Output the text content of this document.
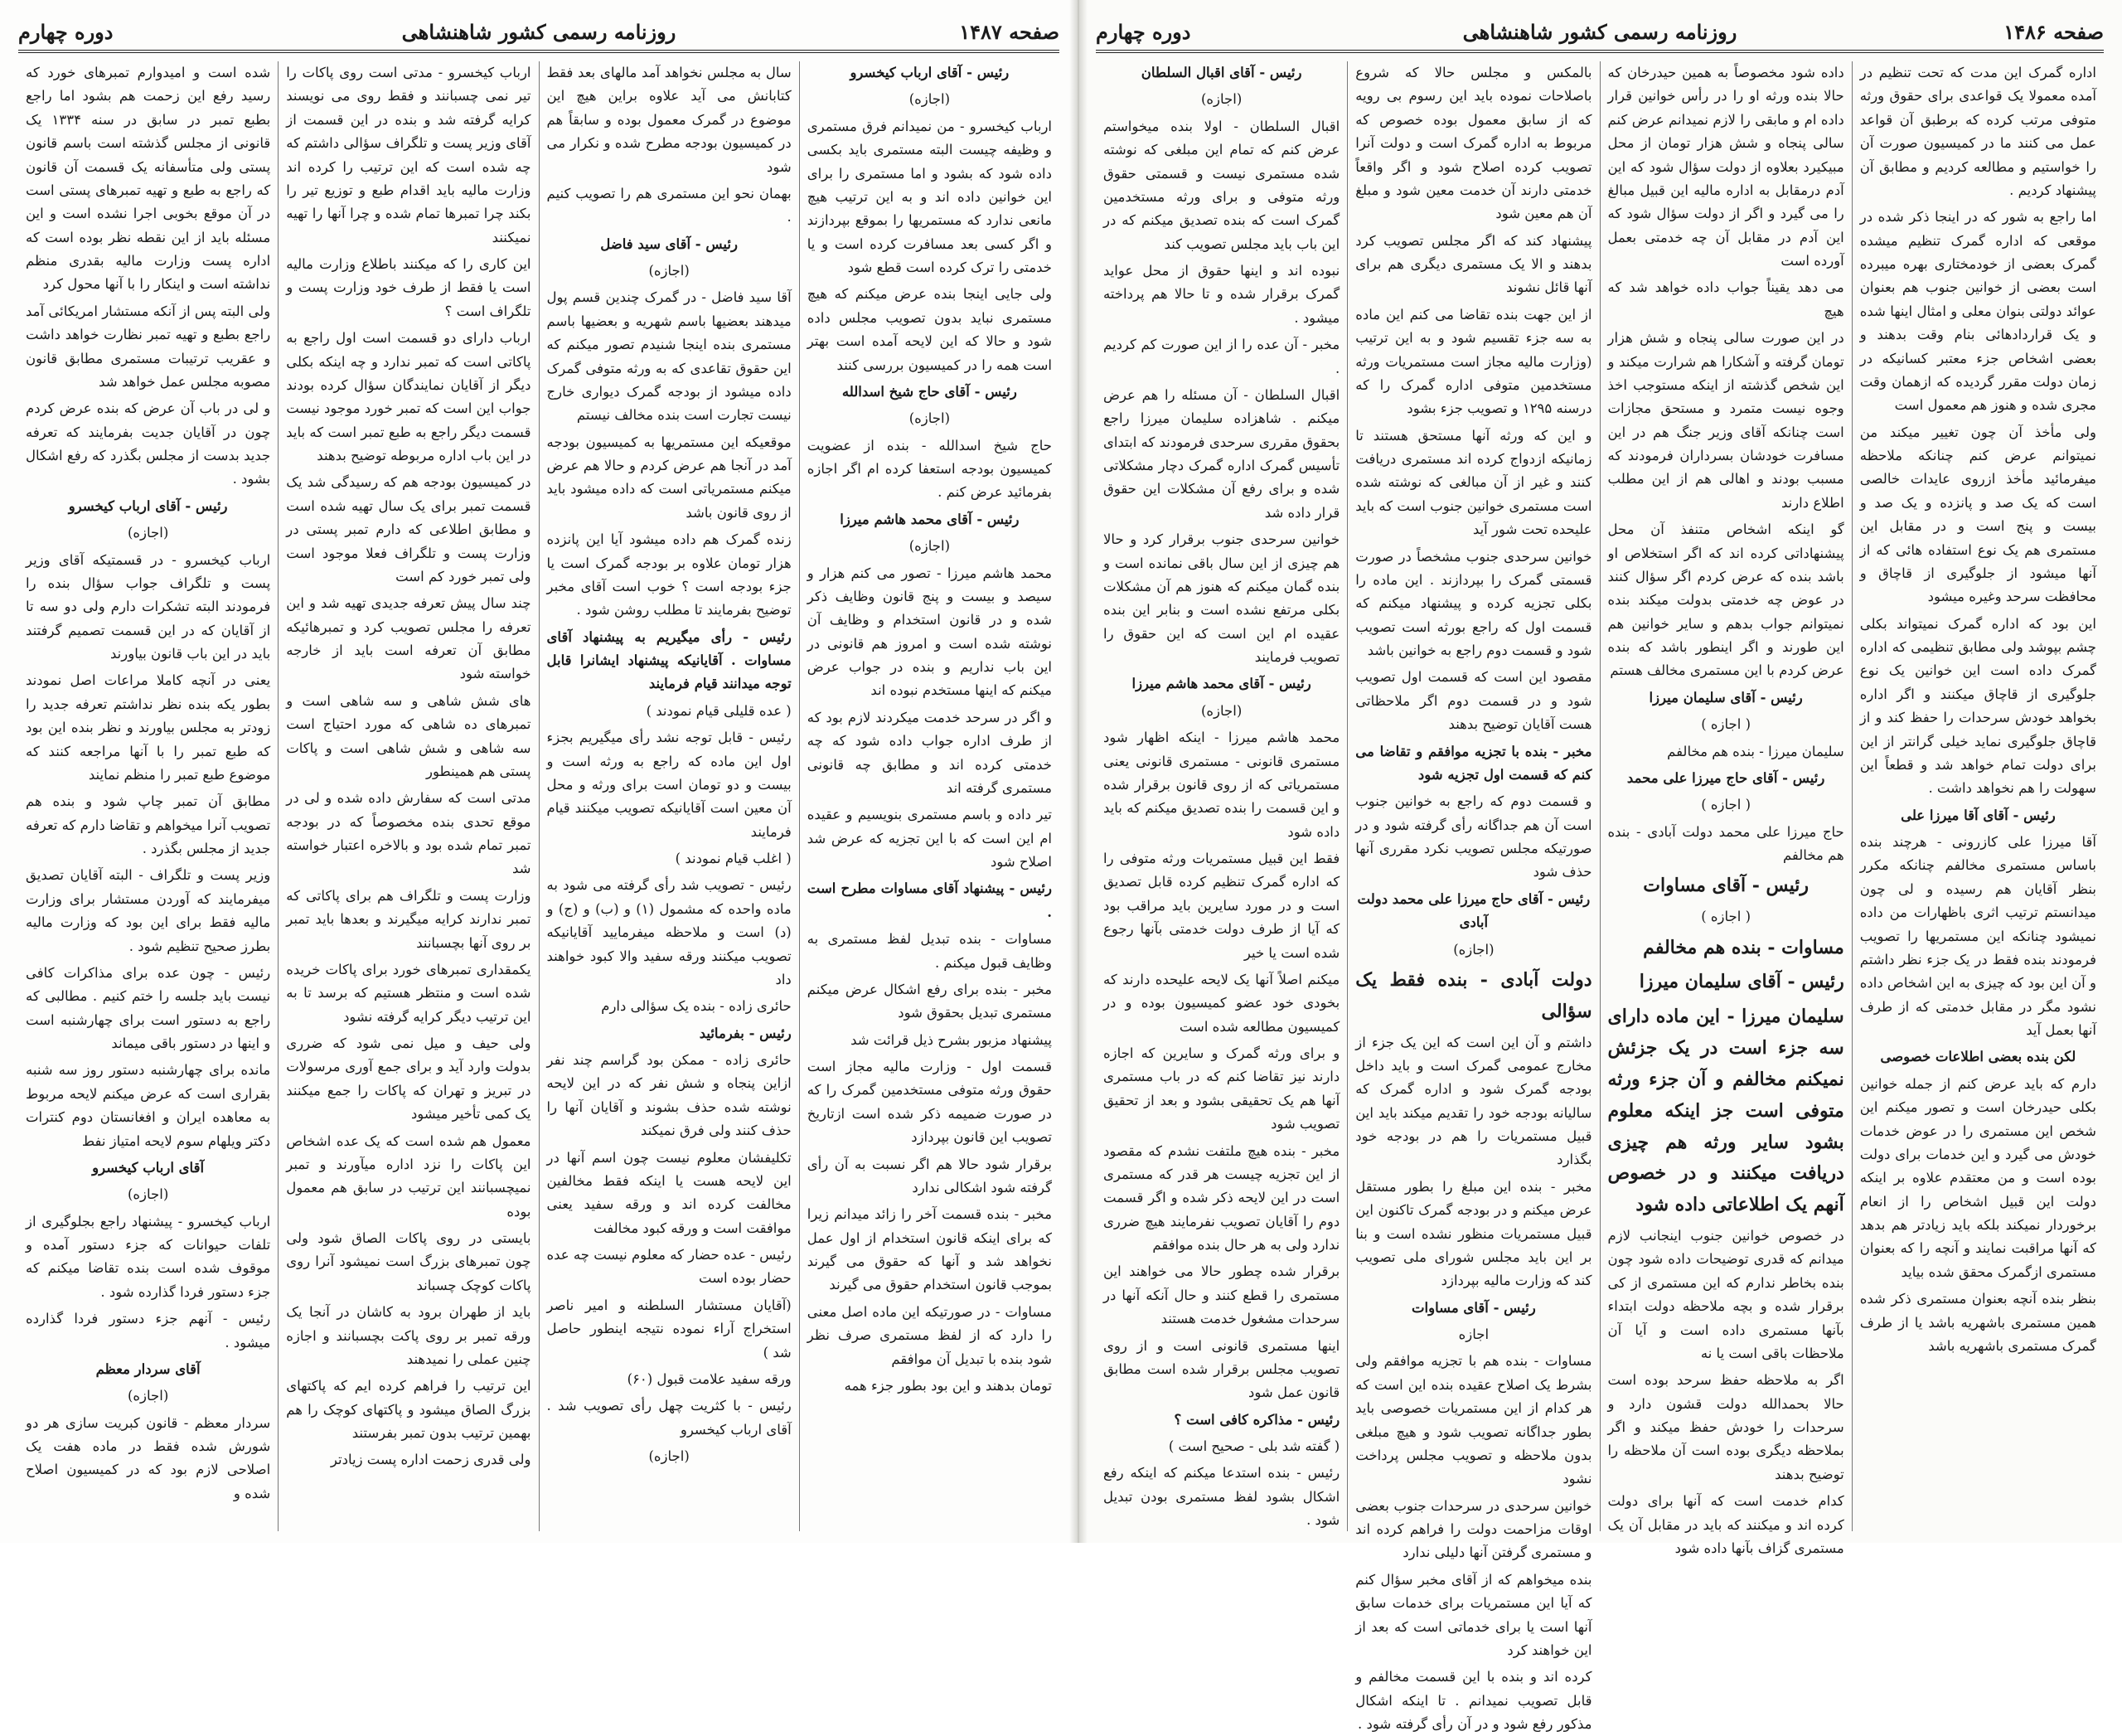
صفحه ۱۴۸۶
روزنامه رسمی کشور شاهنشاهی
دوره چهارم

اداره گمرک این مدت که تحت تنظیم در آمده معمولا یک قواعدی برای حقوق ورثه متوفی مرتب کرده که برطبق آن قواعد عمل می کنند ما در کمیسیون صورت آن را خواستیم و مطالعه کردیم و مطابق آن پیشنهاد کردیم .

اما راجع به شور که در اینجا ذکر شده در موقعی که اداره گمرک تنظیم میشده گمرک بعضی از خودمختاری بهره میبرده است بعضی از خوانین جنوب هم بعنوان عوائد دولتی بنوان معلی و امثال اینها شده و یک قراردادهائی بنام وقت بدهند و بعضی اشخاص جزء معتبر کسانیکه در زمان دولت مقرر گردیده که ازهمان وقت مجری شده و هنوز هم معمول است

ولی مأخذ آن چون تغییر میکند من نمیتوانم عرض کنم چنانکه ملاحظه میفرمائید مأخذ ازروی عایدات خالصی است که یک صد و پانزده و یک صد و بیست و پنج است و در مقابل این مستمری هم یک نوع استفاده هائی که از آنها میشود از جلوگیری از قاچاق و محافظت سرحد وغیره میشود

این بود که اداره گمرک نمیتواند بکلی چشم بپوشد ولی مطابق تنظیمی که اداره گمرک داده است این خوانین یک نوع جلوگیری از قاچاق میکنند و اگر اداره بخواهد خودش سرحدات را حفظ کند و از قاچاق جلوگیری نماید خیلی گرانتر از این برای دولت تمام خواهد شد و قطعاً این سهولت را هم نخواهد داشت .

رئیس - آقای آقا میرزا علی

آقا میرزا علی کازرونی - هرچند بنده باساس مستمری مخالفم چنانکه مکرر بنظر آقایان هم رسیده و لی چون میدانستم ترتیب اثری باظهارات من داده نمیشود چنانکه این مستمریها را تصویب فرمودند بنده فقط در یک جزء نظر داشتم و آن این بود که چیزی به این اشخاص داده نشود مگر در مقابل خدمتی که از طرف آنها بعمل آید

لکن بنده بعضی اطلاعات خصوصی

دارم که باید عرض کنم از جمله خوانین بکلی حیدرخان است و تصور میکنم این شخص این مستمری را در عوض خدمات خودش می گیرد و این خدمات برای دولت بوده است و من معتقدم علاوه بر اینکه دولت این قبیل اشخاص را از انعام برخوردار نمیکند بلکه باید زیادتر هم بدهد که آنها مراقبت نمایند و آنچه را که بعنوان مستمری ازگمرک محقق شده بیاید

بنظر بنده آنچه بعنوان مستمری ذکر شده همین مستمری باشهریه باشد یا از طرف گمرک مستمری باشهریه باشد

داده شود مخصوصاً به همین حیدرخان که حالا بنده ورثه او را در رأس خوانین قرار داده ام و مابقی را لازم نمیدانم عرض کنم سالی پنجاه و شش هزار تومان از محل مبیکیرد بعلاوه از دولت سؤال شود که این آدم درمقابل به اداره مالیه این قبیل مبالغ را می گیرد و اگر از دولت سؤال شود که این آدم در مقابل آن چه خدمتی بعمل آورده است

می دهد یقیناً جواب داده خواهد شد که هیچ

در این صورت سالی پنجاه و شش هزار تومان گرفته و آشکارا هم شرارت میکند و این شخص گذشته از اینکه مستوجب اخذ وجوه نیست متمرد و مستحق مجازات است چنانکه آقای وزیر جنگ هم در این مسافرت خودشان بسرداران فرمودند که مسبب بودند و اهالی هم از این مطلب اطلاع دارند

گو اینکه اشخاص متنفذ آن محل پیشنهاداتی کرده اند که اگر استخلاص او باشد بنده که عرض کردم اگر سؤال کنند در عوض چه خدمتی بدولت میکند بنده نمیتوانم جواب بدهم و سایر خوانین هم این طورند و اگر اینطور باشد که بنده عرض کردم با این مستمری مخالف هستم

رئیس - آقای سلیمان میرزا

( اجازه )

سلیمان میرزا - بنده هم مخالفم

رئیس - آقای حاج میرزا علی محمد

( اجازه )

حاج میرزا علی محمد دولت آبادی - بنده هم مخالفم

رئیس - آقای مساوات

( اجازه )

مساوات - بنده هم مخالفم

رئیس - آقای سلیمان میرزا

سلیمان میرزا - این ماده دارای سه جزء است در یک جزئش نمیکنم مخالفم و آن جزء ورثه متوفی است جز اینکه معلوم بشود سایر ورثه هم چیزی دریافت میکنند و در خصوص آنهم یک اطلاعاتی داده شود

در خصوص خوانین جنوب اینجانب لازم میدانم که قدری توضیحات داده شود چون بنده بخاطر ندارم که این مستمری از کی برقرار شده و بچه ملاحظه دولت ابتداء بآنها مستمری داده است و آیا آن ملاحظات باقی است یا نه

اگر به ملاحظه حفظ سرحد بوده است حالا بحمدالله دولت قشون دارد و سرحدات را خودش حفظ میکند و اگر بملاحظه دیگری بوده است آن ملاحظه را توضیح بدهند

کدام خدمت است که آنها برای دولت کرده اند و میکنند که باید در مقابل آن یک مستمری گزاف بآنها داده شود

بالمکس و مجلس حالا که شروع باصلاحات نموده باید این رسوم بی رویه که از سابق معمول بوده خصوص که مربوط به اداره گمرک است و دولت آنرا تصویب کرده اصلاح شود و اگر واقعاً خدمتی دارند آن خدمت معین شود و مبلغ آن هم معین شود

پیشنهاد کند که اگر مجلس تصویب کرد بدهند و الا یک مستمری دیگری هم برای آنها قائل نشوند

از این جهت بنده تقاضا می کنم این ماده به سه جزء تقسیم شود و به این ترتیب (وزارت مالیه مجاز است مستمریات ورثه مستخدمین متوفی اداره گمرک را که درسنه ۱۲۹۵ و تصویب جزء بشود

و این که ورثه آنها مستحق هستند تا زمانیکه ازدواج کرده اند مستمری دریافت کنند و غیر از آن مبالغی که نوشته شده است مستمری خوانین جنوب است که باید علیحده تحت شور آید

خوانین سرحدی جنوب مشخصاً در صورت قسمتی گمرک را بپردازند . این ماده را بکلی تجزیه کرده و پیشنهاد میکنم که قسمت اول که راجع بورثه است تصویب شود و قسمت دوم راجع به خوانین باشد

مقصود این است که قسمت اول تصویب شود و در قسمت دوم اگر ملاحظاتی هست آقایان توضیح بدهند

مخبر - بنده با تجزیه موافقم و تقاضا می کنم که قسمت اول تجزیه شود

و قسمت دوم که راجع به خوانین جنوب است آن هم جداگانه رأی گرفته شود و در صورتیکه مجلس تصویب نکرد مقرری آنها حذف شود

رئیس - آقای حاج میرزا علی محمد دولت آبادی

(اجازه)

دولت آبادی - بنده فقط یک سؤالی

داشتم و آن این است که این یک جزء از مخارج عمومی گمرک است و باید داخل بودجه گمرک شود و اداره گمرک که سالیانه بودجه خود را تقدیم میکند باید این قبیل مستمریات را هم در بودجه خود بگذارد

مخبر - بنده این مبلغ را بطور مستقل عرض میکنم و در بودجه گمرک تاکنون این قبیل مستمریات منظور نشده است و بنا بر این باید مجلس شورای ملی تصویب کند که وزارت مالیه بپردازد

رئیس - آقای مساوات

اجازه

مساوات - بنده هم با تجزیه موافقم ولی بشرط یک اصلاح عقیده بنده این است که هر کدام از این مستمریات خصوصی باید بطور جداگانه تصویب شود و هیچ مبلغی بدون ملاحظه و تصویب مجلس پرداخت نشود

خوانین سرحدی در سرحدات جنوب بعضی اوقات مزاحمت دولت را فراهم کرده اند و مستمری گرفتن آنها دلیلی ندارد

بنده میخواهم که از آقای مخبر سؤال کنم که آیا این مستمریات برای خدمات سابق آنها است یا برای خدماتی است که بعد از این خواهند کرد

کرده اند و بنده با این قسمت مخالفم و قابل تصویب نمیدانم . تا اینکه اشکال مذکور رفع شود و در آن رأی گرفته شود .

رئیس - آقای اقبال السلطان

(اجازه)

اقبال السلطان - اولا بنده میخواستم عرض کنم که تمام این مبلغی که نوشته شده مستمری نیست و قسمتی حقوق ورثه متوفی و برای ورثه مستخدمین گمرک است که بنده تصدیق میکنم که در این باب باید مجلس تصویب کند

نبوده اند و اینها حقوق از محل عواید گمرک برقرار شده و تا حالا هم پرداخته میشود .

مخبر - آن عده را از این صورت کم کردیم .

اقبال السلطان - آن مسئله را هم عرض میکنم . شاهزاده سلیمان میرزا راجع بحقوق مقرری سرحدی فرمودند که ابتدای تأسیس گمرک اداره گمرک دچار مشکلاتی شده و برای رفع آن مشکلات این حقوق قرار داده شد

خوانین سرحدی جنوب برقرار کرد و حالا هم چیزی از این سال باقی نمانده است و بنده گمان میکنم که هنوز هم آن مشکلات بکلی مرتفع نشده است و بنابر این بنده عقیده ام این است که این حقوق را تصویب فرمایند

رئیس - آقای محمد هاشم میرزا

(اجازه)

محمد هاشم میرزا - اینکه اظهار شود مستمری قانونی - مستمری قانونی یعنی مستمریاتی که از روی قانون برقرار شده و این قسمت را بنده تصدیق میکنم که باید داده شود

فقط این قبیل مستمریات ورثه متوفی را که اداره گمرک تنظیم کرده قابل تصدیق است و در مورد سایرین باید مراقب بود که آیا از طرف دولت خدمتی بآنها رجوع شده است یا خیر

میکنم اصلاً آنها یک لایحه علیحده دارند که بخودی خود عضو کمیسیون بوده و در کمیسیون مطالعه شده است

و برای ورثه گمرک و سایرین که اجازه دارند نیز تقاضا کنم که در باب مستمری آنها هم یک تحقیقی بشود و بعد از تحقیق تصویب شود

مخبر - بنده هیچ ملتفت نشدم که مقصود از این تجزیه چیست هر قدر که مستمری است در این لایحه ذکر شده و اگر قسمت دوم را آقایان تصویب نفرمایند هیچ ضرری ندارد ولی به هر حال بنده موافقم

برقرار شده چطور حالا می خواهند این مستمری را قطع کنند و حال آنکه آنها در سرحدات مشغول خدمت هستند

اینها مستمری قانونی است و از روی تصویب مجلس برقرار شده است مطابق قانون عمل شود

رئیس - مذاکره کافی است ؟

( گفته شد بلی - صحیح است )

رئیس - بنده استدعا میکنم که اینکه رفع اشکال بشود لفظ مستمری بودن تبدیل شود .

صفحه ۱۴۸۷
روزنامه رسمی کشور شاهنشاهی
دوره چهارم

رئیس - آقای ارباب کیخسرو

(اجازه)

ارباب کیخسرو - من نمیدانم فرق مستمری و وظیفه چیست البته مستمری باید بکسی داده شود که بشود و اما مستمری را برای این خوانین داده اند و به این ترتیب هیچ مانعی ندارد که مستمریها را بموقع بپردازند و اگر کسی بعد مسافرت کرده است و یا خدمتی را ترک کرده است قطع شود

ولی جایی اینجا بنده عرض میکنم که هیچ مستمری نباید بدون تصویب مجلس داده شود و حالا که این لایحه آمده است بهتر است همه را در کمیسیون بررسی کنند

رئیس - آقای حاج شیخ اسدالله

(اجازه)

حاج شیخ اسدالله - بنده از عضویت کمیسیون بودجه استعفا کرده ام اگر اجازه بفرمائید عرض کنم .

رئیس - آقای محمد هاشم میرزا

(اجازه)

محمد هاشم میرزا - تصور می کنم هزار و سیصد و بیست و پنج قانون وظایف ذکر شده و در قانون استخدام و وظایف آن نوشته شده است و امروز هم قانونی در این باب نداریم و بنده در جواب عرض میکنم که اینها مستخدم نبوده اند

و اگر در سرحد خدمت میکردند لازم بود که از طرف اداره جواب داده شود که چه خدمتی کرده اند و مطابق چه قانونی مستمری گرفته اند

تیر داده و باسم مستمری بنویسیم و عقیده ام این است که با این تجزیه که عرض شد اصلاح شود

رئیس - پیشنهاد آقای مساوات مطرح است .

مساوات - بنده تبدیل لفظ مستمری به وظایف قبول میکنم .

مخبر - بنده برای رفع اشکال عرض میکنم مستمری تبدیل بحقوق شود

پیشنهاد مزبور بشرح ذیل قرائت شد

قسمت اول - وزارت مالیه مجاز است حقوق ورثه متوفی مستخدمین گمرک را که در صورت ضمیمه ذکر شده است ازتاریخ تصویب این قانون بپردازد

برقرار شود حالا هم اگر نسبت به آن رأی گرفته شود اشکالی ندارد

مخبر - بنده قسمت آخر را زائد میدانم زیرا که برای اینکه قانون استخدام از اول عمل نخواهد شد و آنها که حقوق می گیرند بموجب قانون استخدام حقوق می گیرند

مساوات - در صورتیکه این ماده اصل معنی را دارد که از لفظ مستمری صرف نظر شود بنده با تبدیل آن موافقم

تومان بدهند و این بود بطور جزء همه

سال به مجلس نخواهد آمد مالهای بعد فقط کتابانش می آید علاوه براین هیچ این موضوع در گمرک معمول بوده و سابقاً هم در کمیسیون بودجه مطرح شده و نکرار می شود

بهمان نحو این مستمری هم را تصویب کنیم .

رئیس - آقای سید فاضل

(اجازه)

آقا سید فاضل - در گمرک چندین قسم پول میدهند بعضیها باسم شهریه و بعضیها باسم مستمری بنده اینجا شنیدم تصور میکنم که این حقوق تقاعدی که به ورثه متوفی گمرک داده میشود از بودجه گمرک دیواری خارج نیست تجارت است بنده مخالف نیستم

موقعیکه این مستمریها به کمیسیون بودجه آمد در آنجا هم عرض کردم و حالا هم عرض میکنم مستمریاتی است که داده میشود باید از روی قانون باشد

زنده گمرک هم داده میشود آیا این پانزده هزار تومان علاوه بر بودجه گمرک است یا جزء بودجه است ؟ خوب است آقای مخبر توضیح بفرمایند تا مطلب روشن شود .

رئیس - رأی میگیریم به پیشنهاد آقای مساوات . آقایانیکه پیشنهاد ایشانرا قابل توجه میدانند قیام فرمایند

( عده قلیلی قیام نمودند )

رئیس - قابل توجه نشد رأی میگیریم بجزء اول این ماده که راجع به ورثه است و بیست و دو تومان است برای ورثه و محل آن معین است آقایانیکه تصویب میکنند قیام فرمایند

( اغلب قیام نمودند )

رئیس - تصویب شد رأی گرفته می شود به ماده واحده که مشمول (۱) و (ب) و (ج) و (د) است و ملاحظه میفرمایید آقایانیکه تصویب میکنند ورقه سفید والا کبود خواهند داد

حائری زاده - بنده یک سؤالی دارم

رئیس - بفرمائید

حائری زاده - ممکن بود گراسم چند نفر ازاین پنجاه و شش نفر که در این لایحه نوشته شده حذف بشوند و آقایان آنها را حذف کنند ولی فرق نمیکند

تکلیفشان معلوم نیست چون اسم آنها در این لایحه هست یا اینکه فقط مخالفین مخالفت کرده اند و ورقه سفید یعنی موافقت است و ورقه کبود مخالفت

رئیس - عده حضار که معلوم نیست چه عده حضار بوده است

(آقایان مستشار السلطنه و امیر ناصر استخراج آراء نموده نتیجه اینطور حاصل شد )

ورقه سفید علامت قبول (۶۰)

رئیس - با کثریت چهل رأی تصویب شد . آقای ارباب کیخسرو

(اجازه)

ارباب کیخسرو - مدتی است روی پاکات را تیر نمی چسبانند و فقط روی می نویسند کرایه گرفته شد و بنده در این قسمت از آقای وزیر پست و تلگراف سؤالی داشتم که چه شده است که این ترتیب را کرده اند وزارت مالیه باید اقدام طبع و توزیع تیر را بکند چرا تمبرها تمام شده و چرا آنها را تهیه نمیکنند

این کاری را که میکنند باطلاع وزارت مالیه است یا فقط از طرف خود وزارت پست و تلگراف است ؟

ارباب دارای دو قسمت است اول راجع به پاکاتی است که تمبر ندارد و چه اینکه بکلی دیگر از آقایان نمایندگان سؤال کرده بودند جواب این است که تمبر خورد موجود نیست قسمت دیگر راجع به طبع تمبر است که باید در این باب اداره مربوطه توضیح بدهند

در کمیسیون بودجه هم که رسیدگی شد یک قسمت تمبر برای یک سال تهیه شده است و مطابق اطلاعی که دارم تمبر پستی در وزارت پست و تلگراف فعلا موجود است ولی تمبر خورد کم است

چند سال پیش تعرفه جدیدی تهیه شد و این تعرفه را مجلس تصویب کرد و تمبرهائیکه مطابق آن تعرفه است باید از خارجه خواسته شود

های شش شاهی و سه شاهی است و تمبرهای ده شاهی که مورد احتیاج است سه شاهی و شش شاهی است و پاکات پستی هم همینطور

مدتی است که سفارش داده شده و لی در موقع تحدی بنده مخصوصاً که در بودجه تمبر تمام شده بود و بالاخره اعتبار خواسته شد

وزارت پست و تلگراف هم برای پاکاتی که تمبر ندارند کرایه میگیرند و بعدها باید تمبر بر روی آنها بچسبانند

یکمقداری تمبرهای خورد برای پاکات خریده شده است و منتظر هستیم که برسد تا به این ترتیب دیگر کرایه گرفته نشود

ولی حیف و میل نمی شود که ضرری بدولت وارد آید و برای جمع آوری مرسولات در تبریز و تهران که پاکات را جمع میکنند یک کمی تأخیر میشود

معمول هم شده است که یک عده اشخاص این پاکات را نزد اداره میآورند و تمبر نمیچسبانند این ترتیب در سابق هم معمول بوده

بایستی در روی پاکات الصاق شود ولی چون تمبرهای بزرگ است نمیشود آنرا روی پاکات کوچک چسباند

باید از طهران برود به کاشان در آنجا یک ورقه تمبر بر روی پاکت بچسبانند و اجازه چنین عملی را نمیدهند

این ترتیب را فراهم کرده ایم که پاکتهای بزرگ الصاق میشود و پاکتهای کوچک را هم بهمین ترتیب بدون تمبر بفرستند

ولی قدری زحمت اداره پست زیادتر

شده است و امیدوارم تمبرهای خورد که رسید رفع این زحمت هم بشود اما راجع بطبع تمبر در سابق در سنه ۱۳۳۴ یک قانونی از مجلس گذشته است باسم قانون پستی ولی متأسفانه یک قسمت آن قانون که راجع به طبع و تهیه تمبرهای پستی است در آن موقع بخوبی اجرا نشده است و این مسئله باید از این نقطه نظر بوده است که اداره پست وزارت مالیه بقدری منظم نداشته است و اینکار را با آنها محول کرد

ولی البته پس از آنکه مستشار امریکائی آمد راجع بطبع و تهیه تمبر نظارت خواهد داشت و عقریب ترتیبات مستمری مطابق قانون مصوبه مجلس عمل خواهد شد

و لی در باب آن عرض که بنده عرض کردم چون در آقایان جدیت بفرمایند که تعرفه جدید بدست از مجلس بگذرد که رفع اشکال بشود .

رئیس - آقای ارباب کیخسرو

(اجازه)

ارباب کیخسرو - در قسمتیکه آقای وزیر پست و تلگراف جواب سؤال بنده را فرمودند البته تشکرات دارم ولی دو سه تا از آقایان که در این قسمت تصمیم گرفتند باید در این باب قانون بیاورند

یعنی در آنچه کاملا مراعات اصل نمودند بطور یکه بنده نظر نداشتم تعرفه جدید را زودتر به مجلس بیاورند و نظر بنده این بود که طبع تمبر را با آنها مراجعه کنند که موضوع طبع تمبر را منظم نمایند

مطابق آن تمبر چاپ شود و بنده هم تصویب آنرا میخواهم و تقاضا دارم که تعرفه جدید از مجلس بگذرد .

وزیر پست و تلگراف - البته آقایان تصدیق میفرمایند که آوردن مستشار برای وزارت مالیه فقط برای این بود که وزارت مالیه بطرز صحیح تنظیم شود .

رئیس - چون عده برای مذاکرات کافی نیست باید جلسه را ختم کنیم . مطالبی که راجع به دستور است برای چهارشنبه است و اینها در دستور باقی میماند

مانده برای چهارشنبه دستور روز سه شنبه بقراری است که عرض میکنم لایحه مربوط به معاهده ایران و افغانستان دوم کنترات دکتر ویلهام سوم لایحه امتیاز نفط

آقای ارباب کیخسرو

(اجازه)

ارباب کیخسرو - پیشنهاد راجع بجلوگیری از تلفات حیوانات که جزء دستور آمده و موقوف شده است بنده تقاضا میکنم که جزء دستور فردا گذارده شود .

رئیس - آنهم جزء دستور فردا گذارده میشود .

آقای سردار معظم

(اجازه)

سردار معظم - قانون کبریت سازی هر دو شورش شده فقط در ماده هفت یک اصلاحی لازم بود که در کمیسیون اصلاح شده و
